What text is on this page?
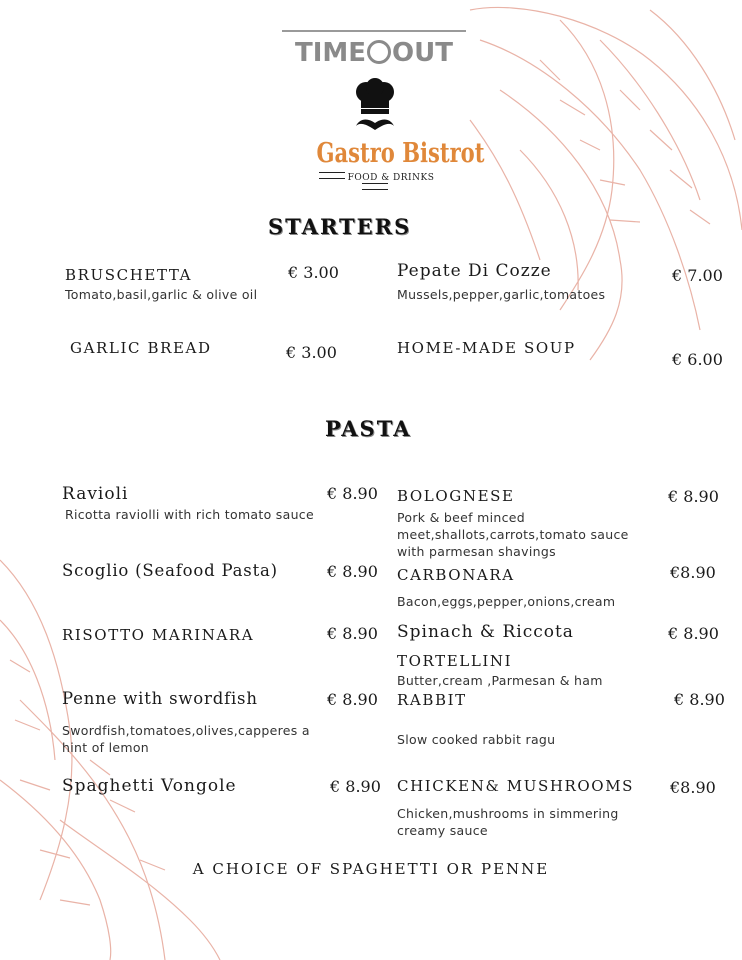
TIME OUT
Gastro Bistrot
FOOD & DRINKS
STARTERS
BRUSCHETTA
Tomato,basil,garlic & olive oil
€ 3.00	Pepate Di Cozze
Mussels,pepper,garlic,tomatoes
€ 7.00
GARLIC BREAD	€ 3.00	HOME-MADE SOUP
€ 6.00
PASTA
Ravioli
Ricotta raviolli with rich tomato sauce
€ 8.90
Scoglio (Seafood Pasta)	€ 8.90
RISOTTO MARINARA	€ 8.90
Penne with swordfish
Swordfish,tomatoes,olives,capperes a hint of lemon
€ 8.90
Spaghetti Vongole	€ 8.90
BOLOGNESE
Pork & beef minced meet,shallots,carrots,tomato sauce with parmesan shavings
€ 8.90
CARBONARA
Bacon,eggs,pepper,onions,cream
€8.90
Spinach & Riccota
TORTELLINI
Butter,cream ,Parmesan & ham
€ 8.90
RABBIT
Slow cooked rabbit ragu
€ 8.90
CHICKEN& MUSHROOMS
Chicken,mushrooms in simmering creamy sauce
€8.90
A CHOICE OF SPAGHETTI OR PENNE
